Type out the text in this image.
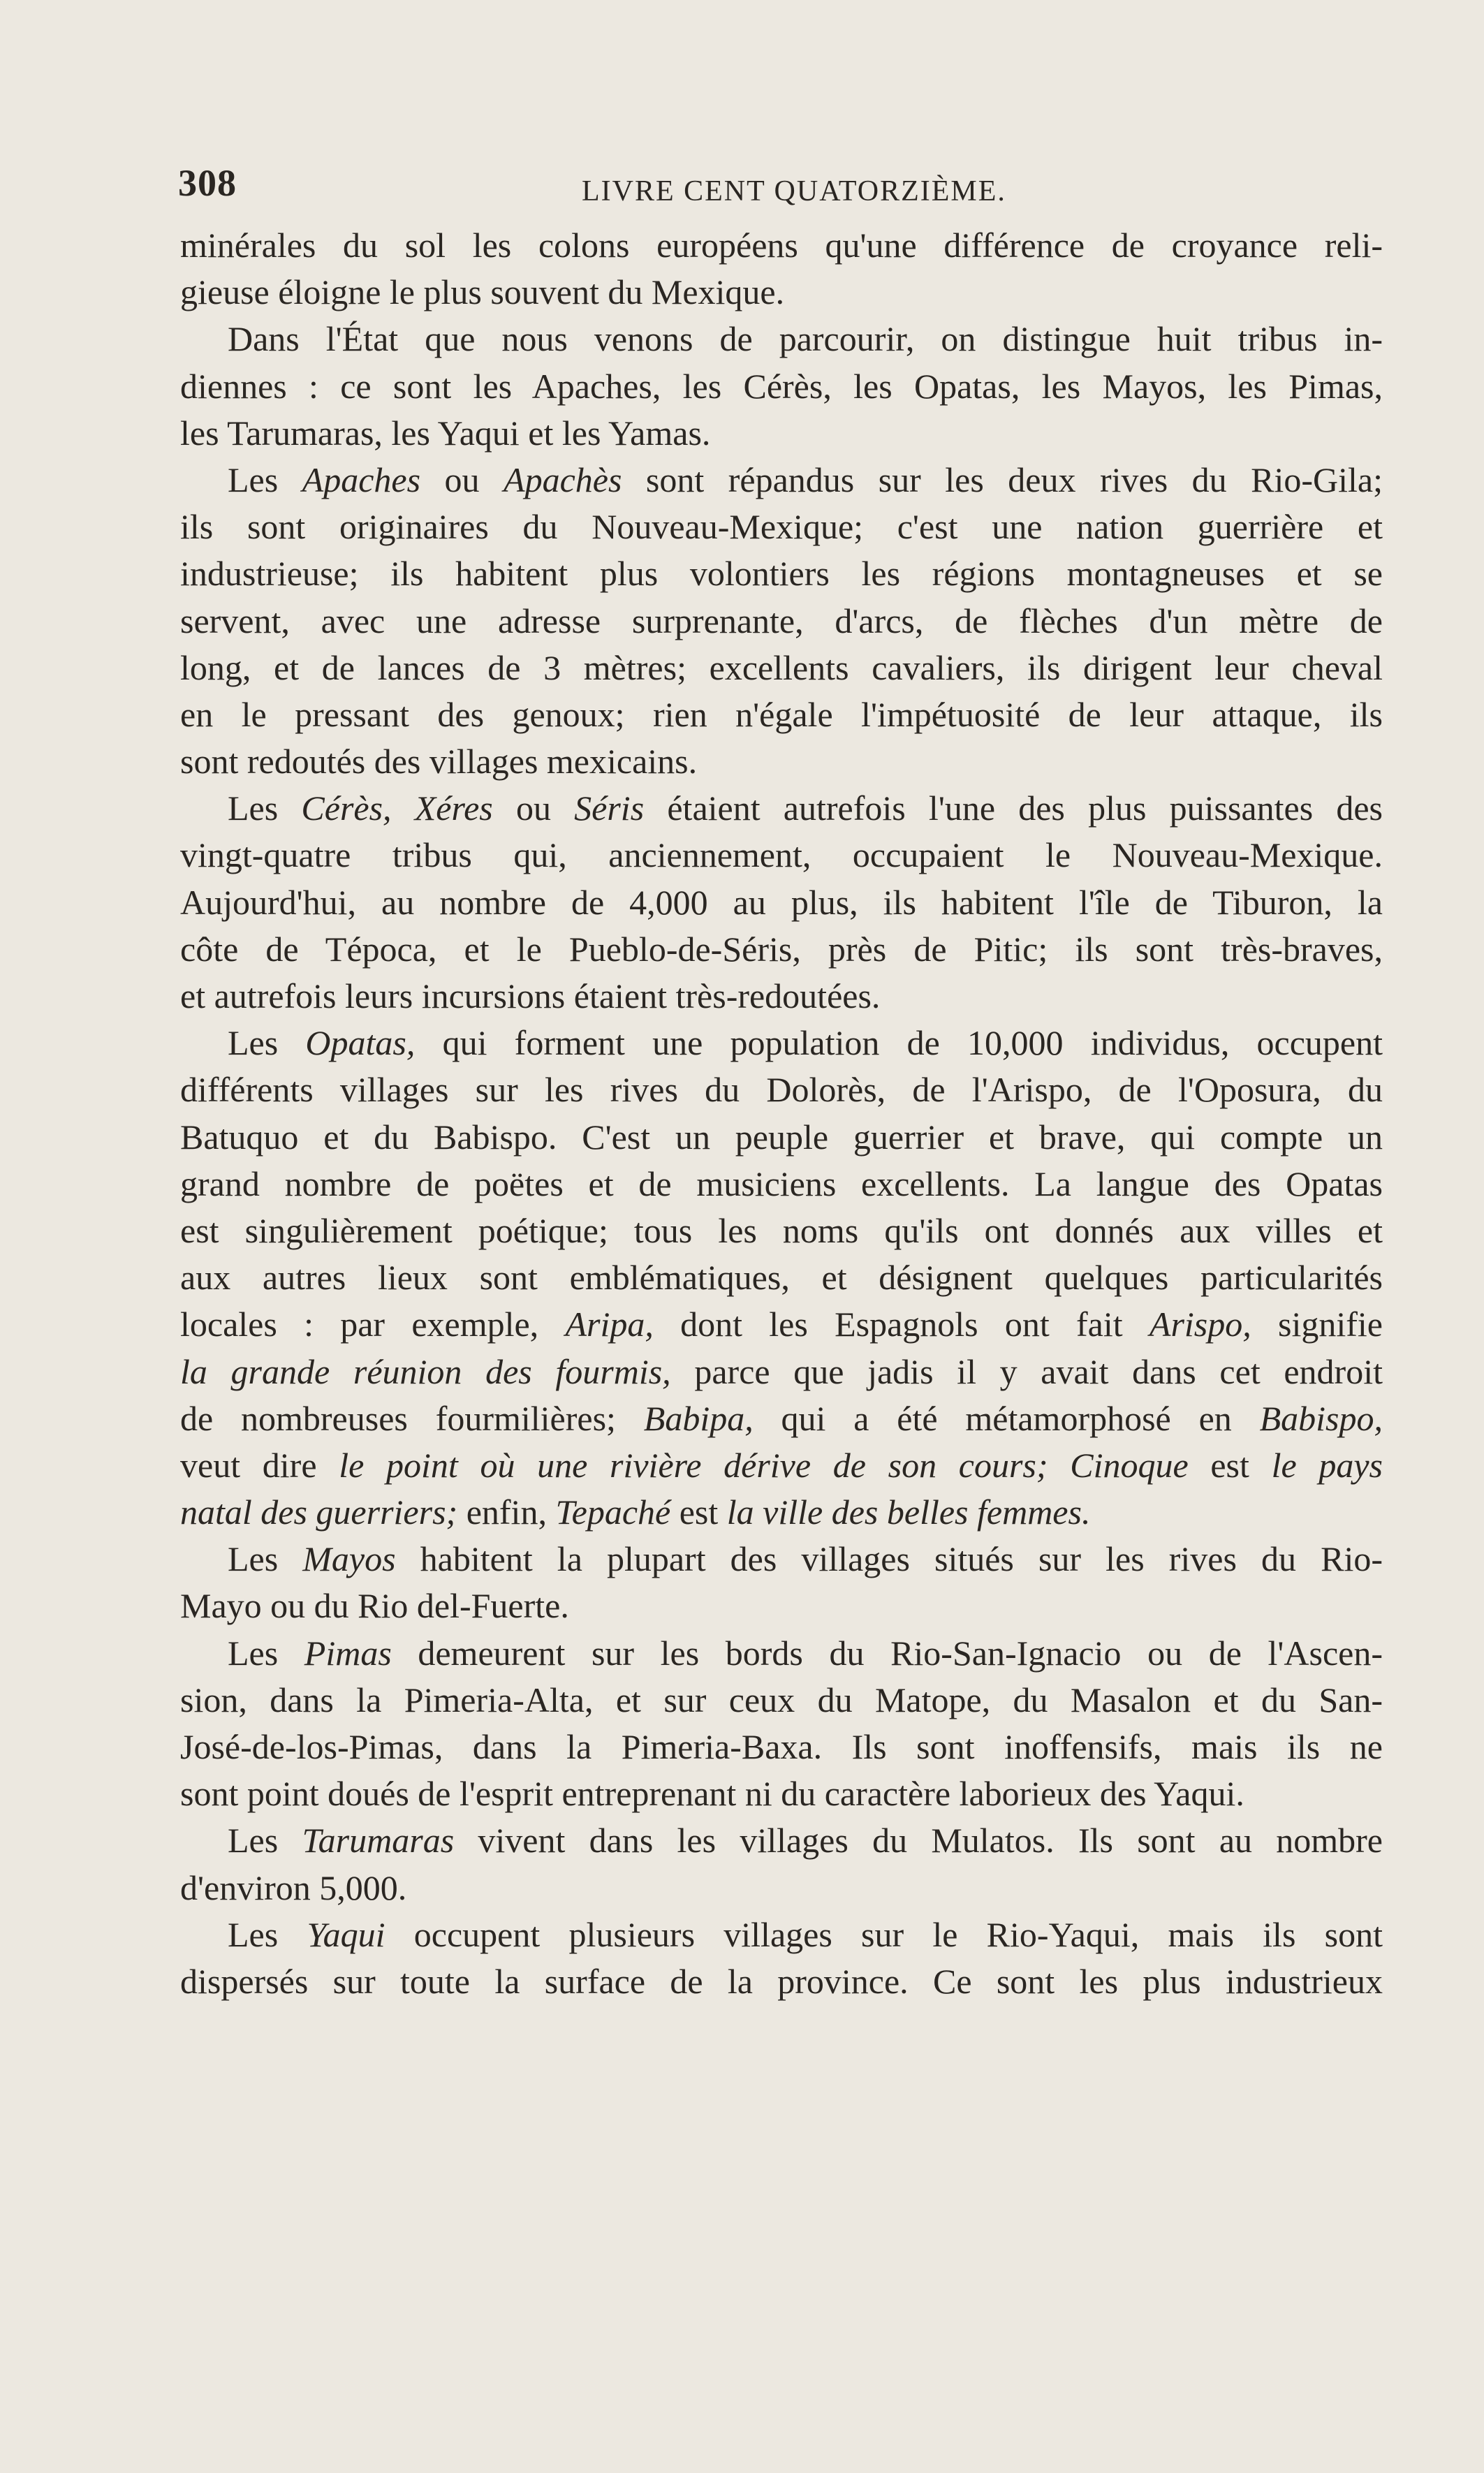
308	LIVRE CENT QUATORZIÈME.
minérales du sol les colons européens qu'une différence de croyance reli-
gieuse éloigne le plus souvent du Mexique.
Dans l'État que nous venons de parcourir, on distingue huit tribus in-
diennes : ce sont les Apaches, les Cérès, les Opatas, les Mayos, les Pimas,
les Tarumaras, les Yaqui et les Yamas.
Les Apaches ou Apachès sont répandus sur les deux rives du Rio-Gila;
ils sont originaires du Nouveau-Mexique; c'est une nation guerrière et
industrieuse; ils habitent plus volontiers les régions montagneuses et se
servent, avec une adresse surprenante, d'arcs, de flèches d'un mètre de
long, et de lances de 3 mètres; excellents cavaliers, ils dirigent leur cheval
en le pressant des genoux; rien n'égale l'impétuosité de leur attaque, ils
sont redoutés des villages mexicains.
Les Cérès, Xéres ou Séris étaient autrefois l'une des plus puissantes des
vingt-quatre tribus qui, anciennement, occupaient le Nouveau-Mexique.
Aujourd'hui, au nombre de 4,000 au plus, ils habitent l'île de Tiburon, la
côte de Tépoca, et le Pueblo-de-Séris, près de Pitic; ils sont très-braves,
et autrefois leurs incursions étaient très-redoutées.
Les Opatas, qui forment une population de 10,000 individus, occupent
différents villages sur les rives du Dolorès, de l'Arispo, de l'Oposura, du
Batuquo et du Babispo. C'est un peuple guerrier et brave, qui compte un
grand nombre de poëtes et de musiciens excellents. La langue des Opatas
est singulièrement poétique; tous les noms qu'ils ont donnés aux villes et
aux autres lieux sont emblématiques, et désignent quelques particularités
locales : par exemple, Aripa, dont les Espagnols ont fait Arispo, signifie
la grande réunion des fourmis, parce que jadis il y avait dans cet endroit
de nombreuses fourmilières; Babipa, qui a été métamorphosé en Babispo,
veut dire le point où une rivière dérive de son cours; Cinoque est le pays
natal des guerriers; enfin, Tepaché est la ville des belles femmes.
Les Mayos habitent la plupart des villages situés sur les rives du Rio-
Mayo ou du Rio del-Fuerte.
Les Pimas demeurent sur les bords du Rio-San-Ignacio ou de l'Ascen-
sion, dans la Pimeria-Alta, et sur ceux du Matope, du Masalon et du San-
José-de-los-Pimas, dans la Pimeria-Baxa. Ils sont inoffensifs, mais ils ne
sont point doués de l'esprit entreprenant ni du caractère laborieux des Yaqui.
Les Tarumaras vivent dans les villages du Mulatos. Ils sont au nombre
d'environ 5,000.
Les Yaqui occupent plusieurs villages sur le Rio-Yaqui, mais ils sont
dispersés sur toute la surface de la province. Ce sont les plus industrieux
